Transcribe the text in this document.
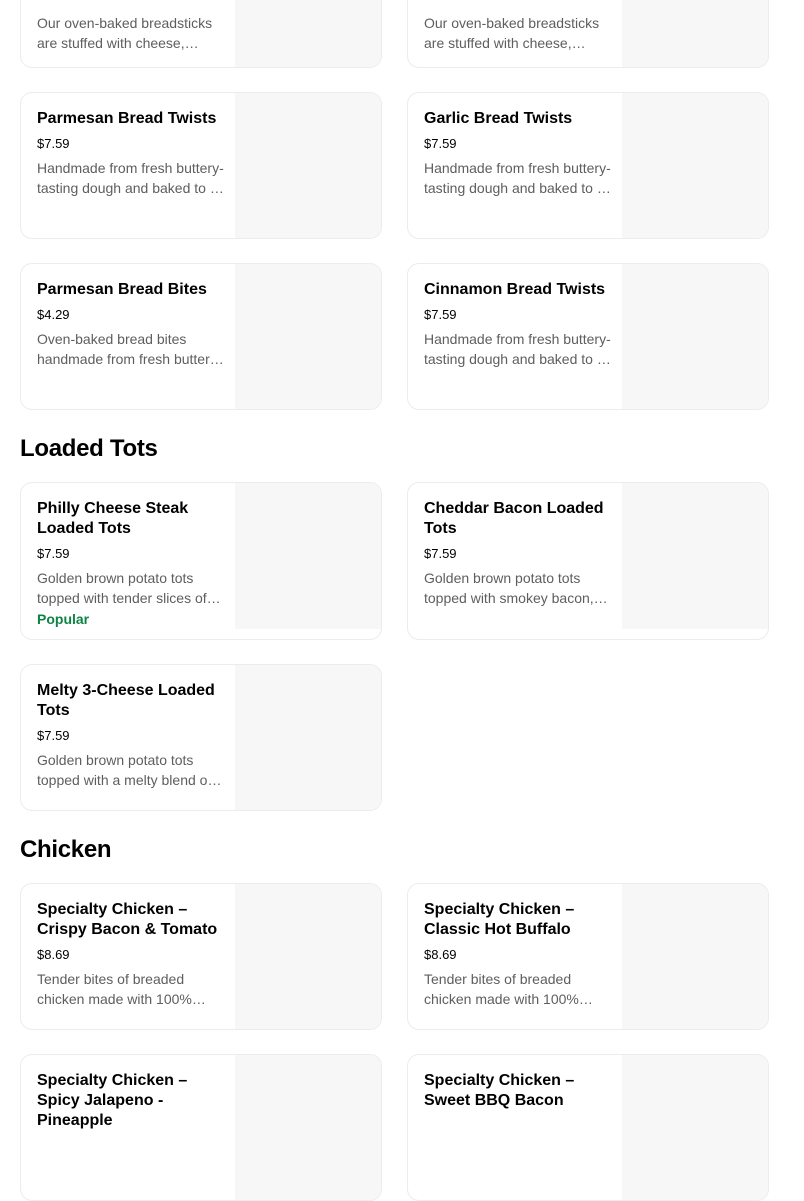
Our oven-baked breadsticks are stuffed with cheese,
Our oven-baked breadsticks are stuffed with cheese,
Parmesan Bread Twists
$7.59
Handmade from fresh buttery-tasting dough and baked to a
Garlic Bread Twists
$7.59
Handmade from fresh buttery-tasting dough and baked to a
Parmesan Bread Bites
$4.29
Oven-baked bread bites handmade from fresh buttery-
Cinnamon Bread Twists
$7.59
Handmade from fresh buttery-tasting dough and baked to a
Loaded Tots
Philly Cheese Steak Loaded Tots
$7.59
Golden brown potato tots topped with tender slices of
Popular
Cheddar Bacon Loaded Tots
$7.59
Golden brown potato tots topped with smokey bacon,
Melty 3-Cheese Loaded Tots
$7.59
Golden brown potato tots topped with a melty blend of
Chicken
Specialty Chicken – Crispy Bacon & Tomato
$8.69
Tender bites of breaded chicken made with 100%
Specialty Chicken – Classic Hot Buffalo
$8.69
Tender bites of breaded chicken made with 100%
Specialty Chicken – Spicy Jalapeno - Pineapple
Specialty Chicken – Sweet BBQ Bacon
